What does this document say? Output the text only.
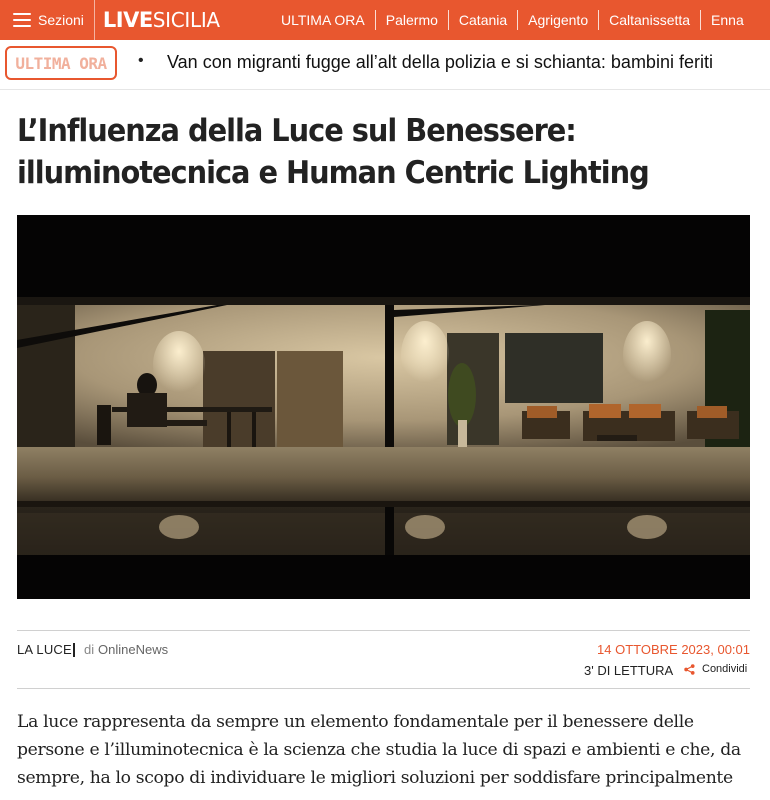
Sezioni LIVE SICILIA	ULTIMA ORA	Palermo	Catania	Agrigento	Caltanissetta	Enna
ULTIMA ORA • Van con migranti fugge all’alt della polizia e si schianta: bambini feriti
L’Influenza della Luce sul Benessere:
illuminotecnica e Human Centric Lighting
LA LUCE di OnlineNews	14 OTTOBRE 2023, 00:01
3' DI LETTURA	Condividi
La luce rappresenta da sempre un elemento fondamentale per il benessere delle
persone e l’illuminotecnica è la scienza che studia la luce di spazi e ambienti e che, da
sempre, ha lo scopo di individuare le migliori soluzioni per soddisfare principalmente
